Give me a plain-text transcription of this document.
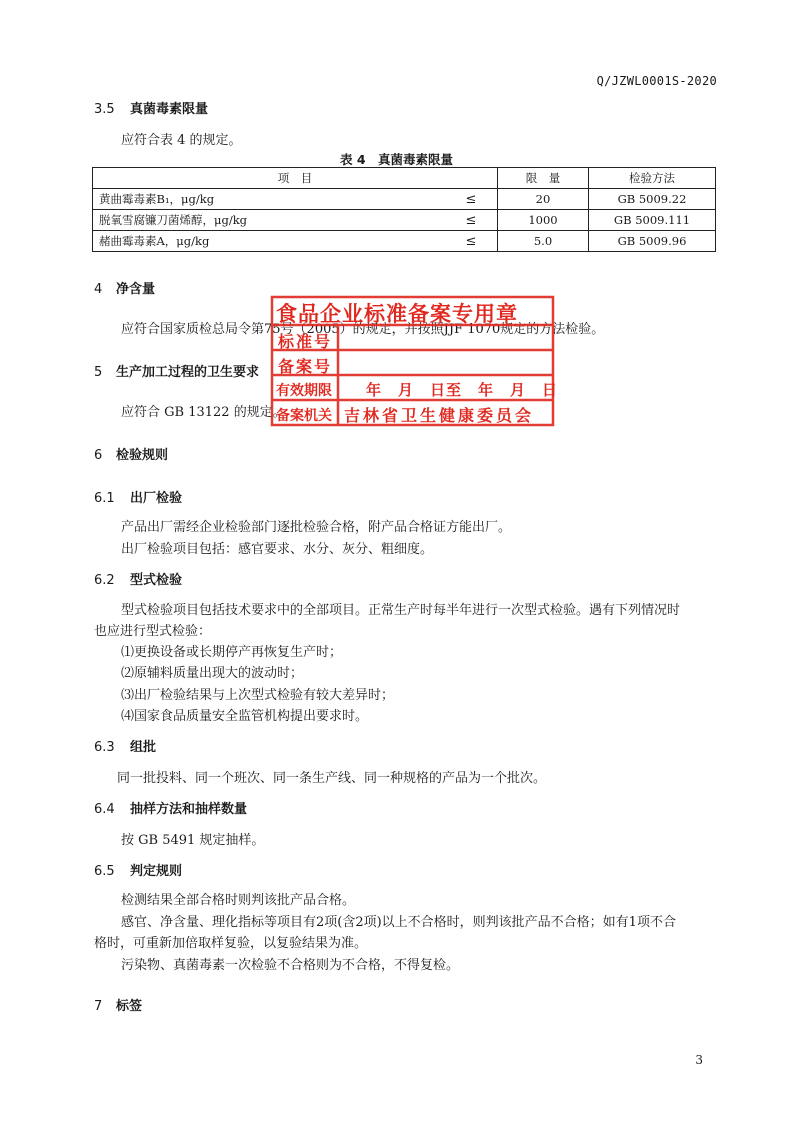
Q/JZWL0001S-2020
3.5 真菌毒素限量
应符合表 4 的规定。
表 4　真菌毒素限量
项　目		限　量	检验方法
黄曲霉毒素B₁，μg/kg	≤	20	GB 5009.22
脱氧雪腐镰刀菌烯醇，μg/kg	≤	1000	GB 5009.111
赭曲霉毒素A，μg/kg	≤	5.0	GB 5009.96
4 净含量
应符合国家质检总局令第75号（2005）的规定，并按照JJF 1070规定的方法检验。
5 生产加工过程的卫生要求
应符合 GB 13122 的规定。
6 检验规则
6.1 出厂检验
产品出厂需经企业检验部门逐批检验合格，附产品合格证方能出厂。
出厂检验项目包括：感官要求、水分、灰分、粗细度。
6.2 型式检验
型式检验项目包括技术要求中的全部项目。正常生产时每半年进行一次型式检验。遇有下列情况时
也应进行型式检验：
⑴更换设备或长期停产再恢复生产时；
⑵原辅料质量出现大的波动时；
⑶出厂检验结果与上次型式检验有较大差异时；
⑷国家食品质量安全监管机构提出要求时。
6.3 组批
同一批投料、同一个班次、同一条生产线、同一种规格的产品为一个批次。
6.4 抽样方法和抽样数量
按 GB 5491 规定抽样。
6.5 判定规则
检测结果全部合格时则判该批产品合格。
感官、净含量、理化指标等项目有2项(含2项)以上不合格时，则判该批产品不合格；如有1项不合
格时，可重新加倍取样复验，以复验结果为准。
污染物、真菌毒素一次检验不合格则为不合格，不得复检。
7 标签
3
食品企业标准备案专用章
标准号
备案号
有效期限 年　月　日至　年　月　日
备案机关 吉林省卫生健康委员会
